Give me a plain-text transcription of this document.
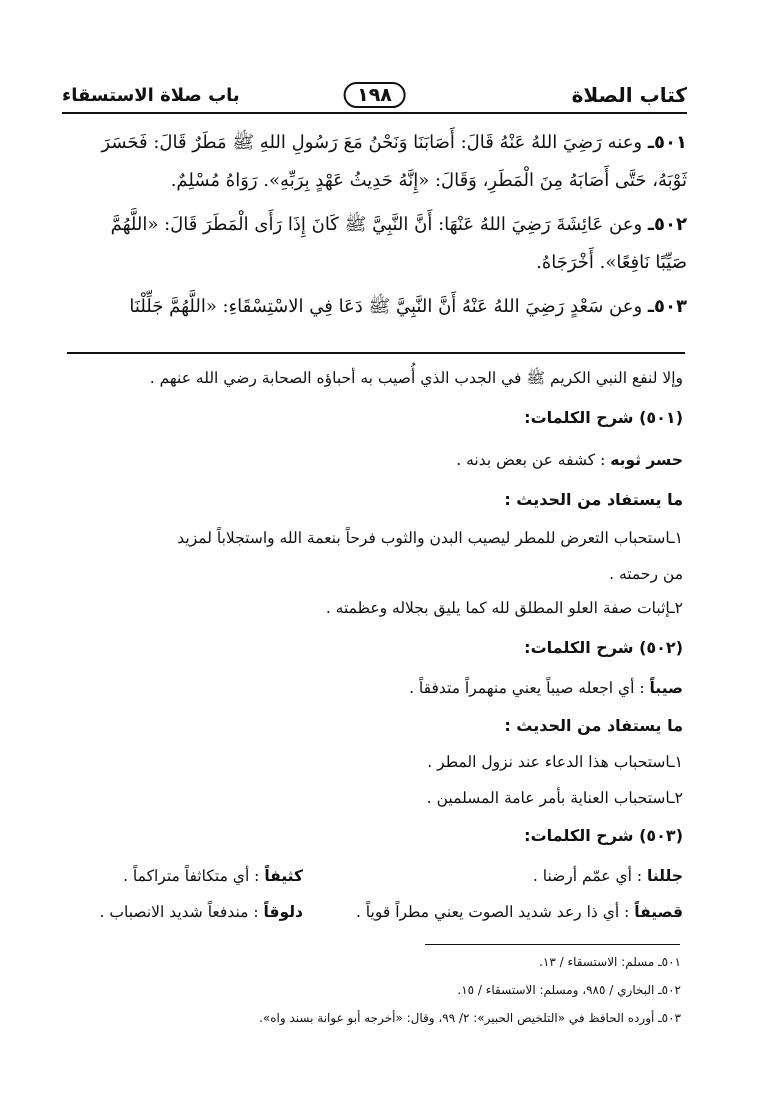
كتاب الصلاة
١٩٨
باب صلاة الاستسقاء
٥٠١ـ وعنه رَضِيَ اللهُ عَنْهُ قَالَ: أَصَابَنَا وَنَحْنُ مَعَ رَسُولِ اللهِ ﷺ مَطَرٌ قَالَ: فَحَسَرَ
ثَوْبَهُ، حَتَّى أَصَابَهُ مِنَ الْمَطَرِ، وَقَالَ: «إِنَّهُ حَدِيثُ عَهْدٍ بِرَبِّهِ». رَوَاهُ مُسْلِمٌ.
٥٠٢ـ وعن عَائِشَةَ رَضِيَ اللهُ عَنْهَا: أَنَّ النَّبِيَّ ﷺ كَانَ إِذَا رَأَى الْمَطَرَ قَالَ: «اللَّهُمَّ
صَيِّبًا نَافِعًا». أَخْرَجَاهُ.
٥٠٣ـ وعن سَعْدٍ رَضِيَ اللهُ عَنْهُ أَنَّ النَّبِيَّ ﷺ دَعَا فِي الاسْتِسْقَاءِ: «اللَّهُمَّ جَلِّلْنَا
وإلا لنفع النبي الكريم ﷺ في الجدب الذي أُصيب به أحباؤه الصحابة رضي الله عنهم .
(٥٠١) شرح الكلمات:
حسر ثوبه : كشفه عن بعض بدنه .
ما يستفاد من الحديث :
١ـاستحباب التعرض للمطر ليصيب البدن والثوب فرحاً بنعمة الله واستجلاباً لمزيد
من رحمته .
٢ـإثبات صفة العلو المطلق لله كما يليق بجلاله وعظمته .
(٥٠٢) شرح الكلمات:
صيباً : أي اجعله صيباً يعني منهمراً متدفقاً .
ما يستفاد من الحديث :
١ـاستحباب هذا الدعاء عند نزول المطر .
٢ـاستحباب العناية بأمر عامة المسلمين .
(٥٠٣) شرح الكلمات:
جللنا : أي عمّم أرضنا .
كثيفاً : أي متكاثفاً متراكماً .
قصيفاً : أي ذا رعد شديد الصوت يعني مطراً قوياً .
دلوقاً : مندفعاً شديد الانصباب .
٥٠١ـ مسلم: الاستسقاء / ١٣.
٥٠٢ـ البخاري / ٩٨٥، ومسلم: الاستسقاء / ١٥.
٥٠٣ـ أورده الحافظ في «التلخيص الحبير»: ٢/ ٩٩، وقال: «أخرجه أبو عوانة بسند واه».
